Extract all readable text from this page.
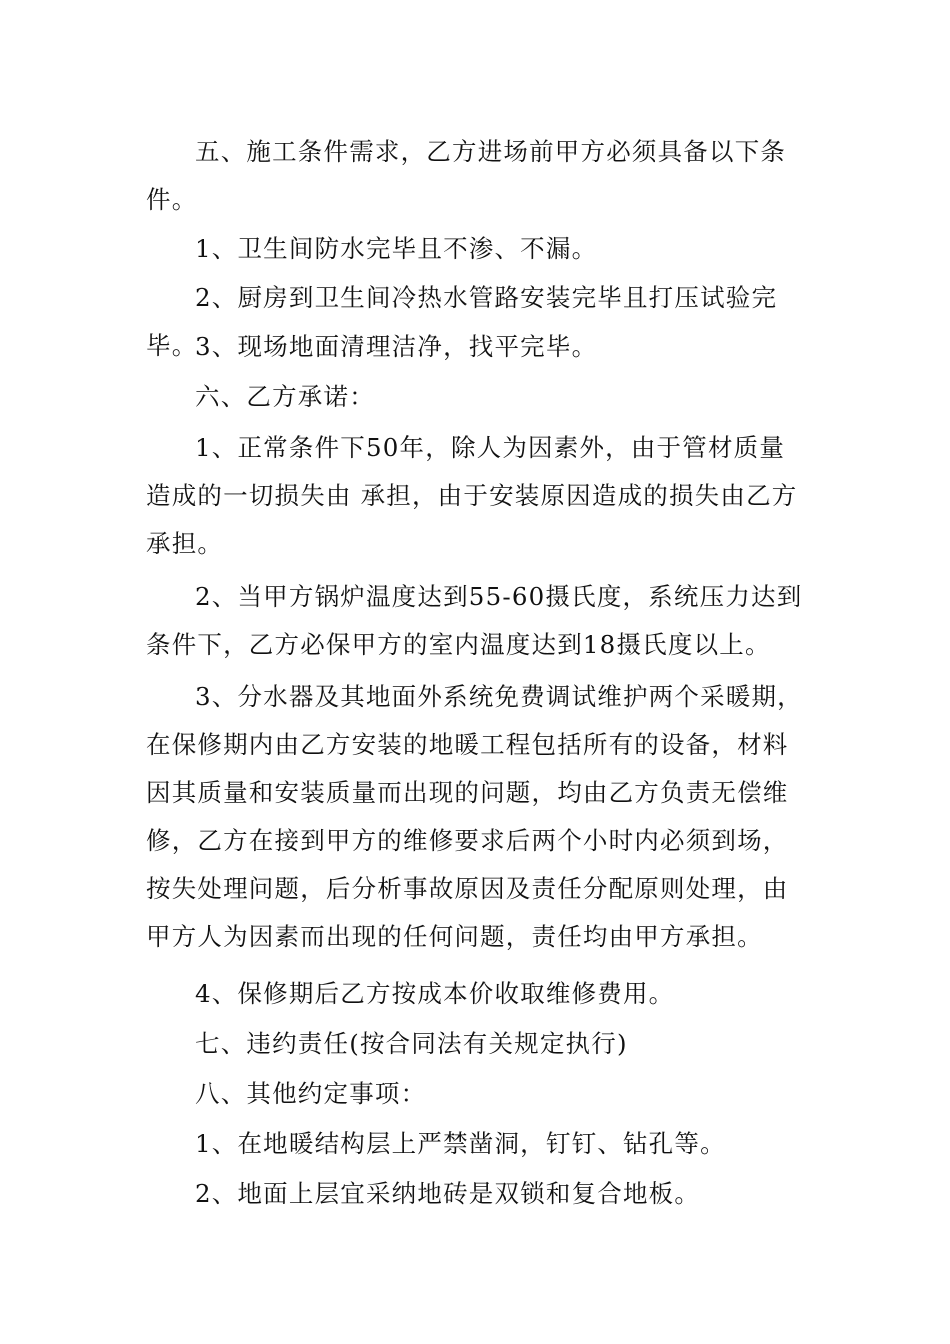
五、施工条件需求，乙方进场前甲方必须具备以下条件。

1、卫生间防水完毕且不渗、不漏。

2、厨房到卫生间冷热水管路安装完毕且打压试验完毕。

3、现场地面清理洁净，找平完毕。

六、乙方承诺：

1、正常条件下50年，除人为因素外，由于管材质量造成的一切损失由 承担，由于安装原因造成的损失由乙方承担。

2、当甲方锅炉温度达到55-60摄氏度，系统压力达到条件下，乙方必保甲方的室内温度达到18摄氏度以上。

3、分水器及其地面外系统免费调试维护两个采暖期，在保修期内由乙方安装的地暖工程包括所有的设备，材料因其质量和安装质量而出现的问题，均由乙方负责无偿维修，乙方在接到甲方的维修要求后两个小时内必须到场，按失处理问题，后分析事故原因及责任分配原则处理，由甲方人为因素而出现的任何问题，责任均由甲方承担。

4、保修期后乙方按成本价收取维修费用。

七、违约责任(按合同法有关规定执行)

八、其他约定事项：

1、在地暖结构层上严禁凿洞，钉钉、钻孔等。

2、地面上层宜采纳地砖是双锁和复合地板。
